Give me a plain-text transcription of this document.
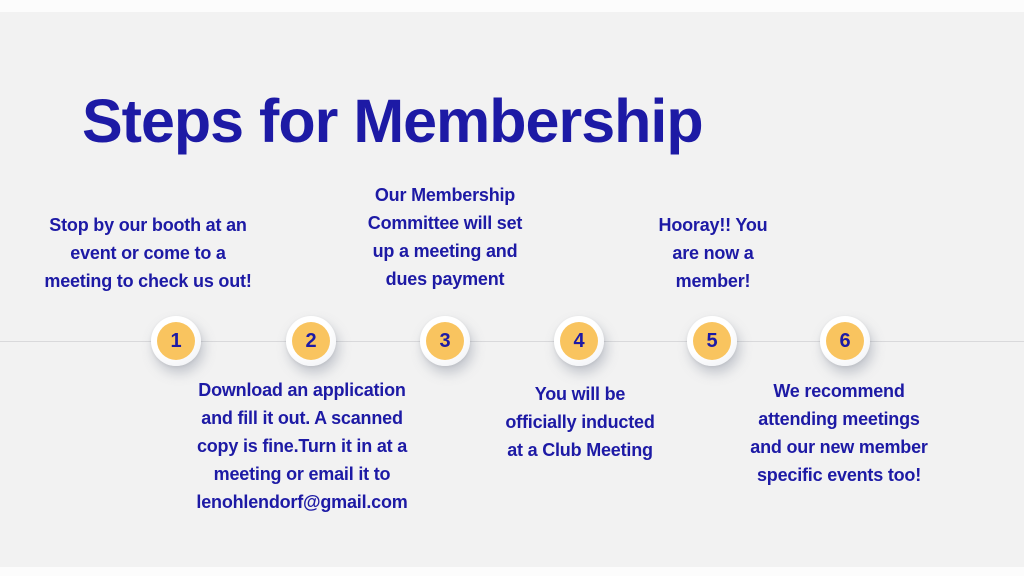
Steps for Membership
Stop by our booth at an
event or come to a
meeting to check us out!
Our Membership
Committee will set
up a meeting and
dues payment
Hooray!! You
are now a
member!
Download an application
and fill it out. A scanned
copy is fine.Turn it in at a
meeting or email it to
lenohlendorf@gmail.com
You will be
officially inducted
at a Club Meeting
We recommend
attending meetings
and our new member
specific events too!
1	2	3	4	5	6
